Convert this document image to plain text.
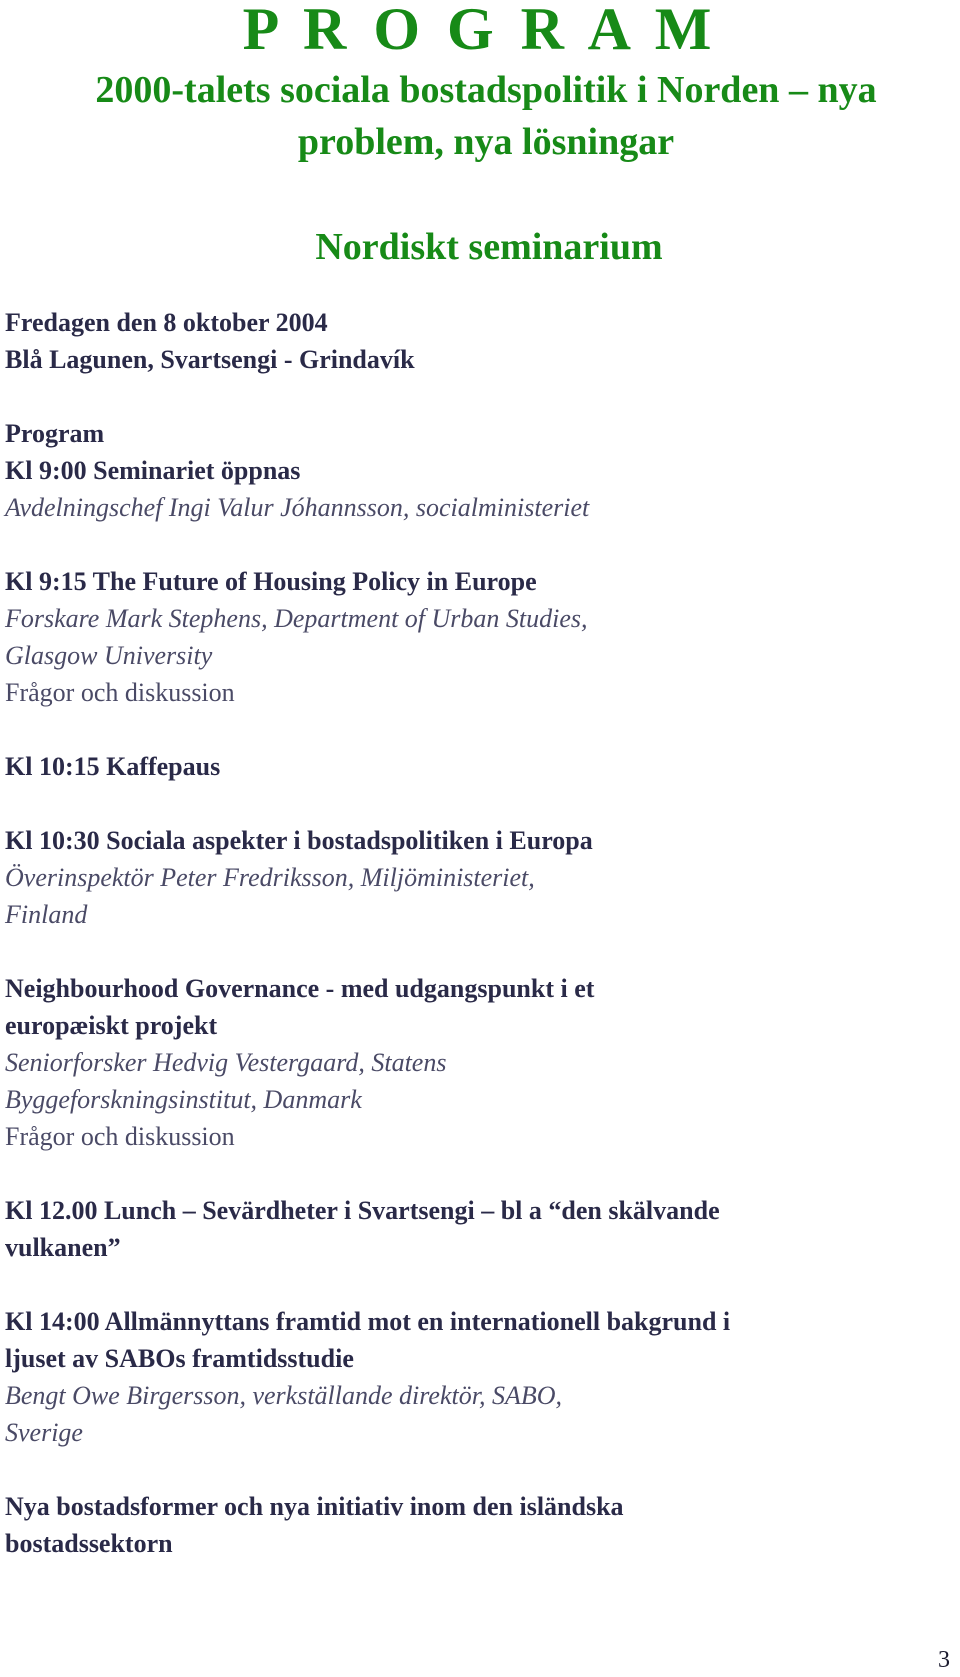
P R O G R A M
2000-talets sociala bostadspolitik i Norden – nya
problem, nya lösningar
Nordiskt seminarium
Fredagen den 8 oktober 2004
Blå Lagunen, Svartsengi - Grindavík
Program
Kl 9:00 Seminariet öppnas
Avdelningschef Ingi Valur Jóhannsson, socialministeriet
Kl 9:15 The Future of Housing Policy in Europe
Forskare Mark Stephens, Department of Urban Studies,
Glasgow University
Frågor och diskussion
Kl 10:15 Kaffepaus
Kl 10:30 Sociala aspekter i bostadspolitiken i Europa
Överinspektör Peter Fredriksson, Miljöministeriet,
Finland
Neighbourhood Governance - med udgangspunkt i et
europæiskt projekt
Seniorforsker Hedvig Vestergaard, Statens
Byggeforskningsinstitut, Danmark
Frågor och diskussion
Kl 12.00 Lunch – Sevärdheter i Svartsengi – bl a “den skälvande
vulkanen”
Kl 14:00 Allmännyttans framtid mot en internationell bakgrund i
ljuset av SABOs framtidsstudie
Bengt Owe Birgersson, verkställande direktör, SABO,
Sverige
Nya bostadsformer och nya initiativ inom den isländska
bostadssektorn
3
